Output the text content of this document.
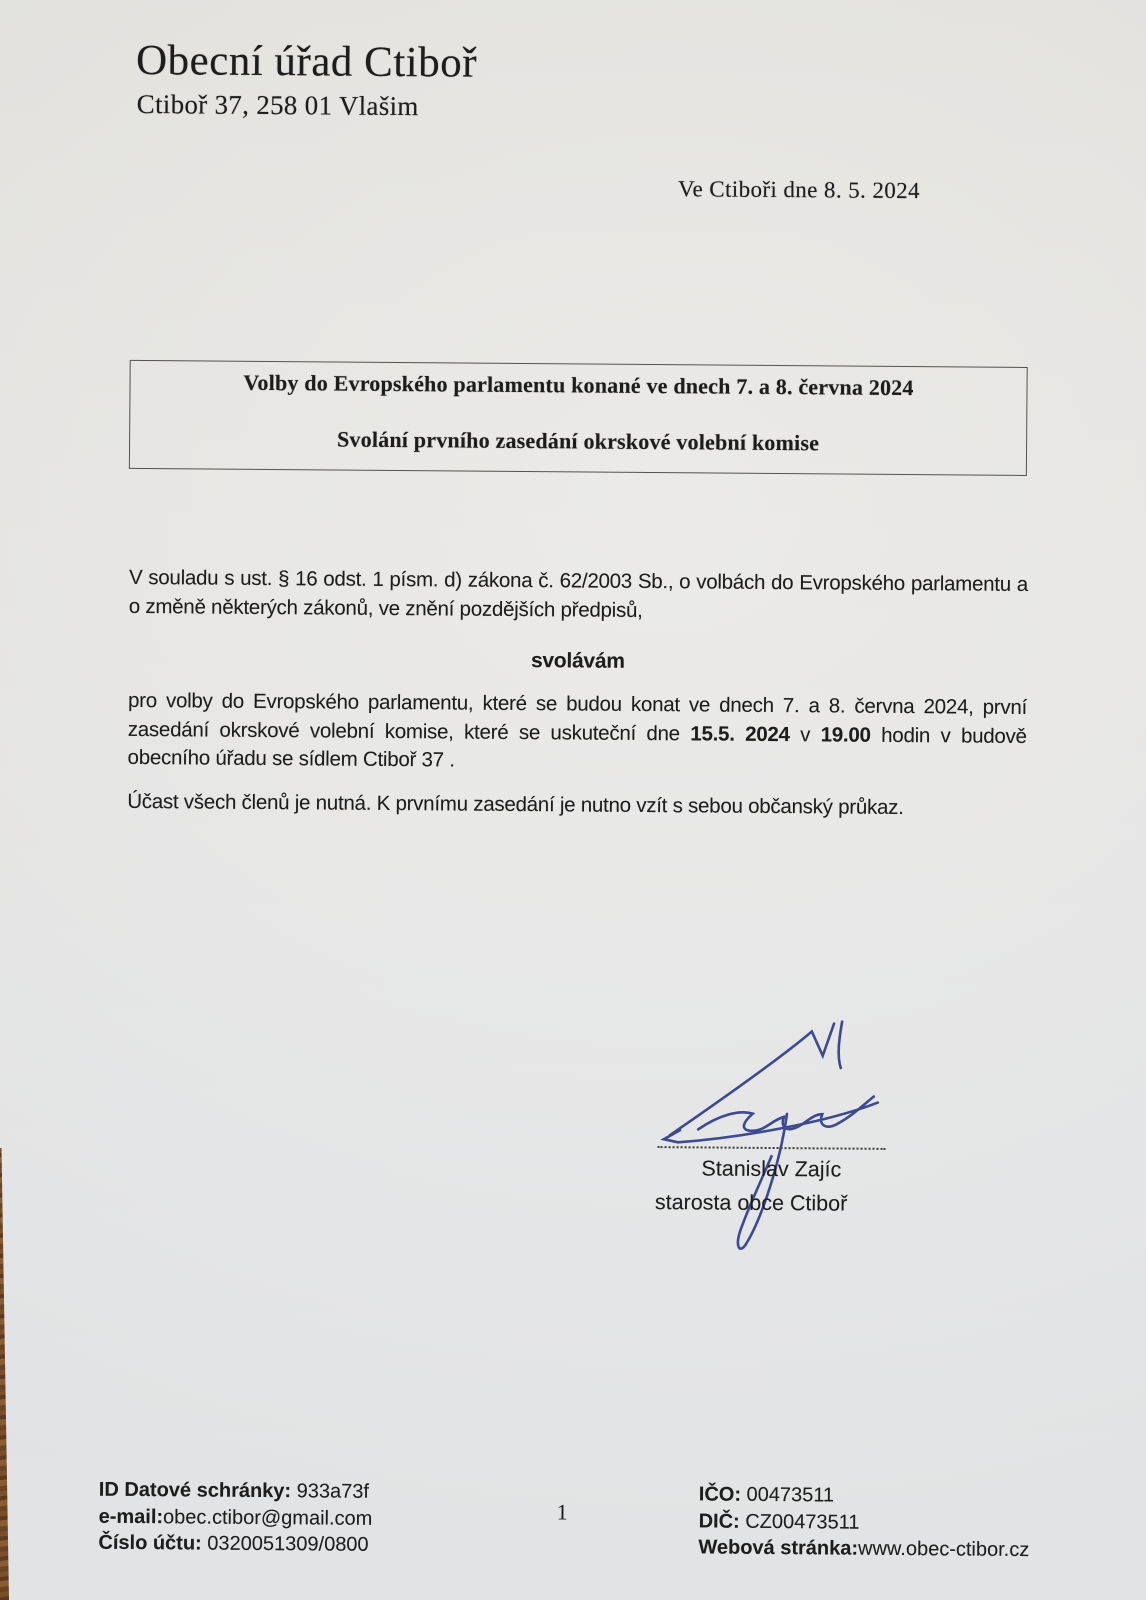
Obecní úřad Ctiboř
Ctiboř 37, 258 01 Vlašim
Ve Ctiboři dne 8. 5. 2024
Volby do Evropského parlamentu konané ve dnech 7. a 8. června 2024
Svolání prvního zasedání okrskové volební komise
V souladu s ust. § 16 odst. 1 písm. d) zákona č. 62/2003 Sb., o volbách do Evropského parlamentu a o změně některých zákonů, ve znění pozdějších předpisů,
svolávám
pro volby do Evropského parlamentu, které se budou konat ve dnech 7. a 8. června 2024, první zasedání okrskové volební komise, které se uskuteční dne 15.5. 2024 v 19.00 hodin v budově obecního úřadu se sídlem Ctiboř 37 .
Účast všech členů je nutná. K prvnímu zasedání je nutno vzít s sebou občanský průkaz.
Stanislav Zajíc
starosta obce Ctiboř
ID Datové schránky: 933a73f
e-mail:obec.ctibor@gmail.com
Číslo účtu: 0320051309/0800
1
IČO: 00473511
DIČ: CZ00473511
Webová stránka:www.obec-ctibor.cz
